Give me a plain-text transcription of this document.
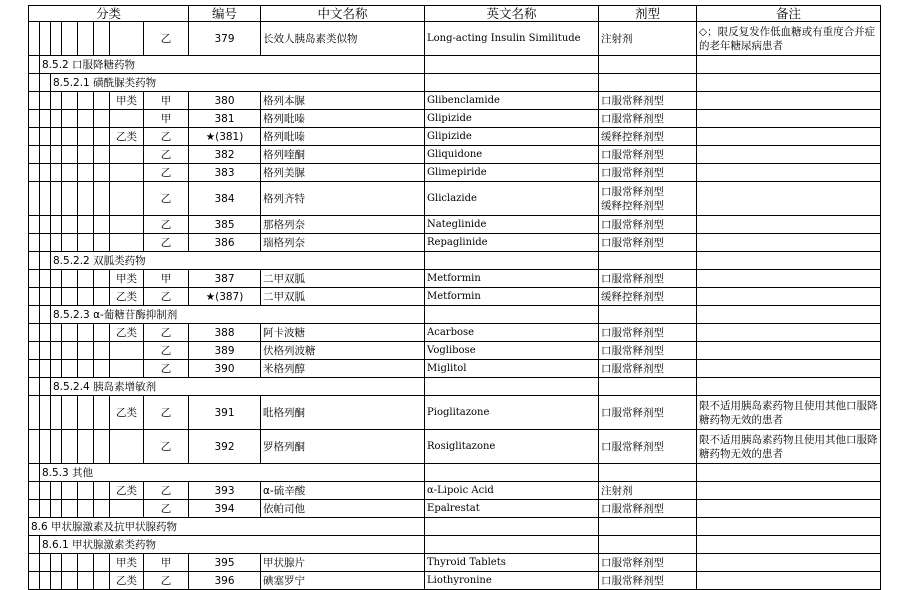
分类								编号	中文名称	英文名称	剂型	备注
							乙	379	长效人胰岛素类似物	Long-acting Insulin Similitude	注射剂	◇；限反复发作低血糖或有重度合并症的老年糖尿病患者
	8.5.2 口服降糖药物											
		8.5.2.1 磺酰脲类药物										
						甲类	甲	380	格列本脲	Glibenclamide	口服常释剂型	

							甲	381	格列吡嗪	Glipizide	口服常释剂型	

						乙类	乙	★(381)	格列吡嗪	Glipizide	缓释控释剂型	

							乙	382	格列喹酮	Gliquidone	口服常释剂型	

							乙	383	格列美脲	Glimepiride	口服常释剂型	

							乙	384	格列齐特	Gliclazide	口服常释剂型
缓释控释剂型	

							乙	385	那格列奈	Nateglinide	口服常释剂型	

							乙	386	瑞格列奈	Repaglinide	口服常释剂型	

		8.5.2.2 双胍类药物										
						甲类	甲	387	二甲双胍	Metformin	口服常释剂型	

						乙类	乙	★(387)	二甲双胍	Metformin	缓释控释剂型	

		8.5.2.3 α-葡糖苷酶抑制剂										
						乙类	乙	388	阿卡波糖	Acarbose	口服常释剂型	

							乙	389	伏格列波糖	Voglibose	口服常释剂型	

							乙	390	米格列醇	Miglitol	口服常释剂型	

		8.5.2.4 胰岛素增敏剂										
						乙类	乙	391	吡格列酮	Pioglitazone	口服常释剂型	限不适用胰岛素药物且使用其他口服降糖药物无效的患者
							乙	392	罗格列酮	Rosiglitazone	口服常释剂型	限不适用胰岛素药物且使用其他口服降糖药物无效的患者
	8.5.3 其他											
						乙类	乙	393	α-硫辛酸	α-Lipoic Acid	注射剂	

							乙	394	依帕司他	Epalrestat	口服常释剂型	

8.6 甲状腺激素及抗甲状腺药物												
	8.6.1 甲状腺激素类药物											
						甲类	甲	395	甲状腺片	Thyroid Tablets	口服常释剂型	

						乙类	乙	396	碘塞罗宁	Liothyronine	口服常释剂型	
